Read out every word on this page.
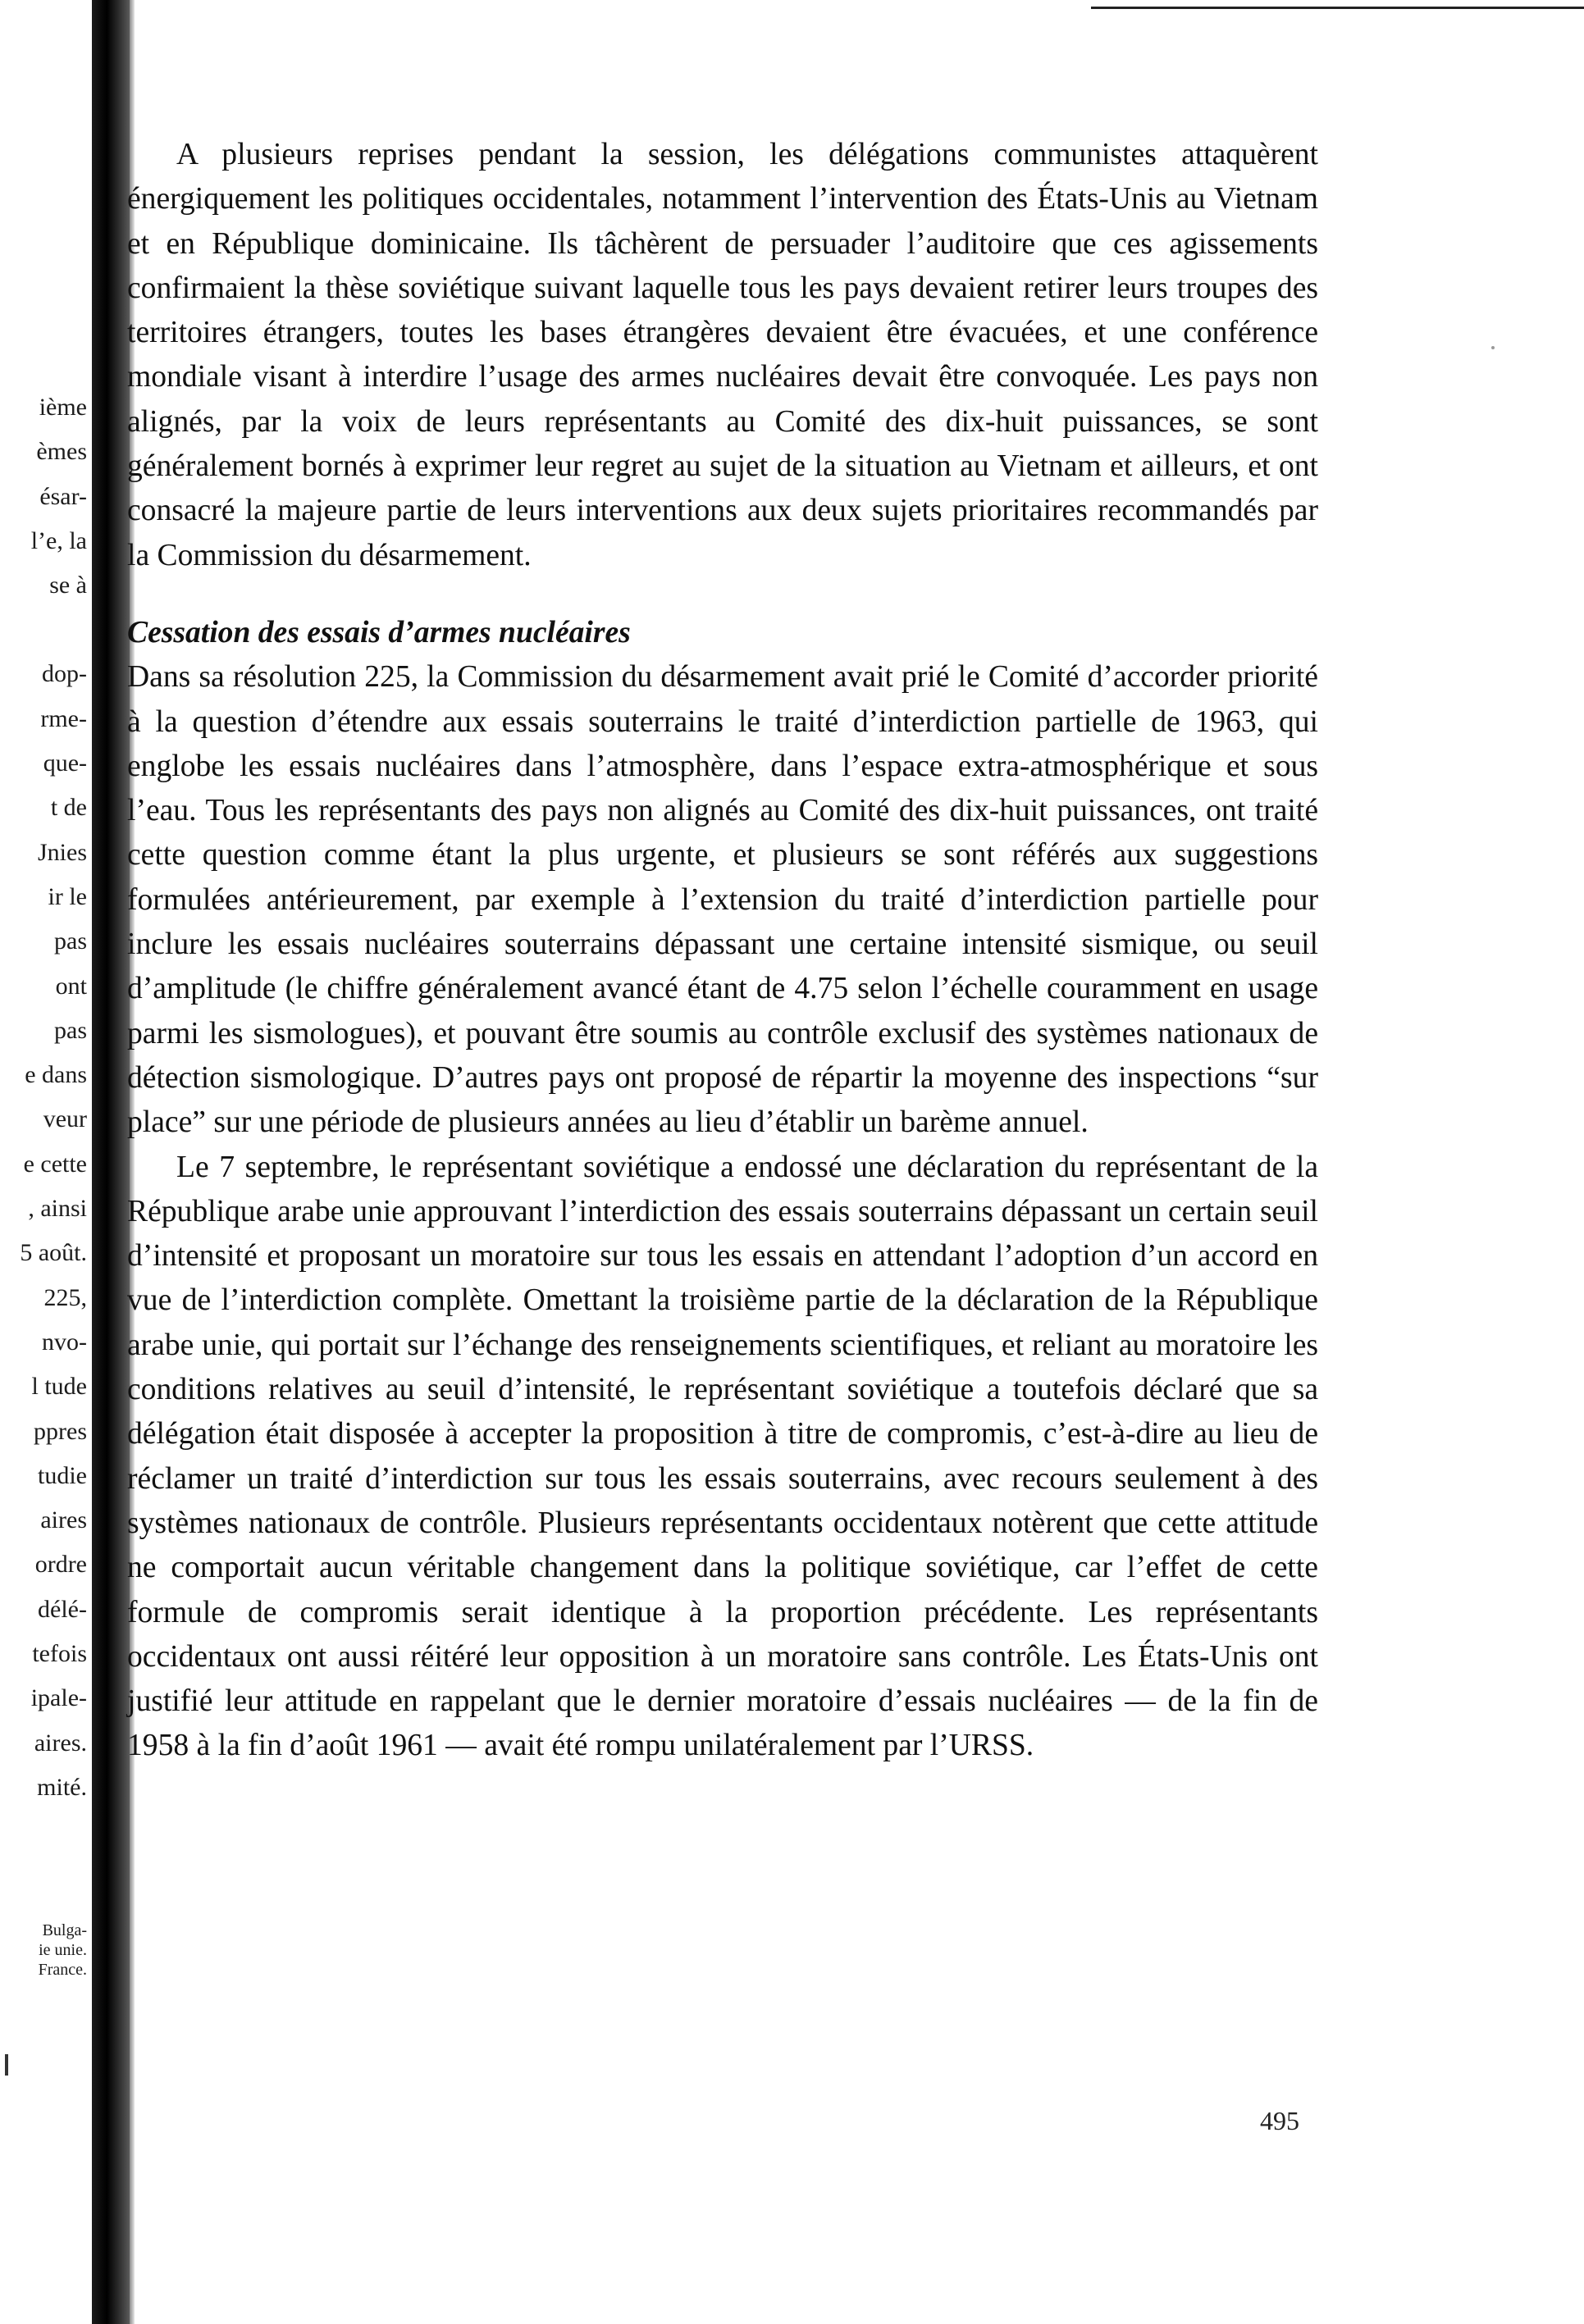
ième
èmes
ésar-
l’e, la
se à
dop-
rme-
que-
t de
Jnies
ir le
pas
ont
pas
e dans
veur
e cette
, ainsi
5 août.
225,
nvo-
l tude
ppres
tudie
aires
ordre
délé-
tefois
ipale-
aires.
mité.
Bulga-
ie unie.
France.

A plusieurs reprises pendant la session, les délégations communistes attaquèrent énergiquement les politiques occidentales, notamment l’intervention des États-Unis au Vietnam et en République dominicaine. Ils tâchèrent de persuader l’auditoire que ces agissements confirmaient la thèse soviétique suivant laquelle tous les pays devaient retirer leurs troupes des territoires étrangers, toutes les bases étrangères devaient être évacuées, et une conférence mondiale visant à interdire l’usage des armes nucléaires devait être convoquée. Les pays non alignés, par la voix de leurs représentants au Comité des dix-huit puissances, se sont généralement bornés à exprimer leur regret au sujet de la situation au Vietnam et ailleurs, et ont consacré la majeure partie de leurs interventions aux deux sujets prioritaires recommandés par la Commission du désarmement.

Cessation des essais d’armes nucléaires

Dans sa résolution 225, la Commission du désarmement avait prié le Comité d’accorder priorité à la question d’étendre aux essais souterrains le traité d’interdiction partielle de 1963, qui englobe les essais nucléaires dans l’atmosphère, dans l’espace extra-atmosphérique et sous l’eau. Tous les représentants des pays non alignés au Comité des dix-huit puissances, ont traité cette question comme étant la plus urgente, et plusieurs se sont référés aux suggestions formulées antérieurement, par exemple à l’extension du traité d’interdiction partielle pour inclure les essais nucléaires souterrains dépassant une certaine intensité sismique, ou seuil d’amplitude (le chiffre généralement avancé étant de 4.75 selon l’échelle couramment en usage parmi les sismologues), et pouvant être soumis au contrôle exclusif des systèmes nationaux de détection sismologique. D’autres pays ont proposé de répartir la moyenne des inspections “sur place” sur une période de plusieurs années au lieu d’établir un barème annuel.

Le 7 septembre, le représentant soviétique a endossé une déclaration du représentant de la République arabe unie approuvant l’interdiction des essais souterrains dépassant un certain seuil d’intensité et proposant un moratoire sur tous les essais en attendant l’adoption d’un accord en vue de l’interdiction complète. Omettant la troisième partie de la déclaration de la République arabe unie, qui portait sur l’échange des renseignements scientifiques, et reliant au moratoire les conditions relatives au seuil d’intensité, le représentant soviétique a toutefois déclaré que sa délégation était disposée à accepter la proposition à titre de compromis, c’est-à-dire au lieu de réclamer un traité d’interdiction sur tous les essais souterrains, avec recours seulement à des systèmes nationaux de contrôle. Plusieurs représentants occidentaux notèrent que cette attitude ne comportait aucun véritable changement dans la politique soviétique, car l’effet de cette formule de compromis serait identique à la proportion précédente. Les représentants occidentaux ont aussi réitéré leur opposition à un moratoire sans contrôle. Les États-Unis ont justifié leur attitude en rappelant que le dernier moratoire d’essais nucléaires — de la fin de 1958 à la fin d’août 1961 — avait été rompu unilatéralement par l’URSS.

495
